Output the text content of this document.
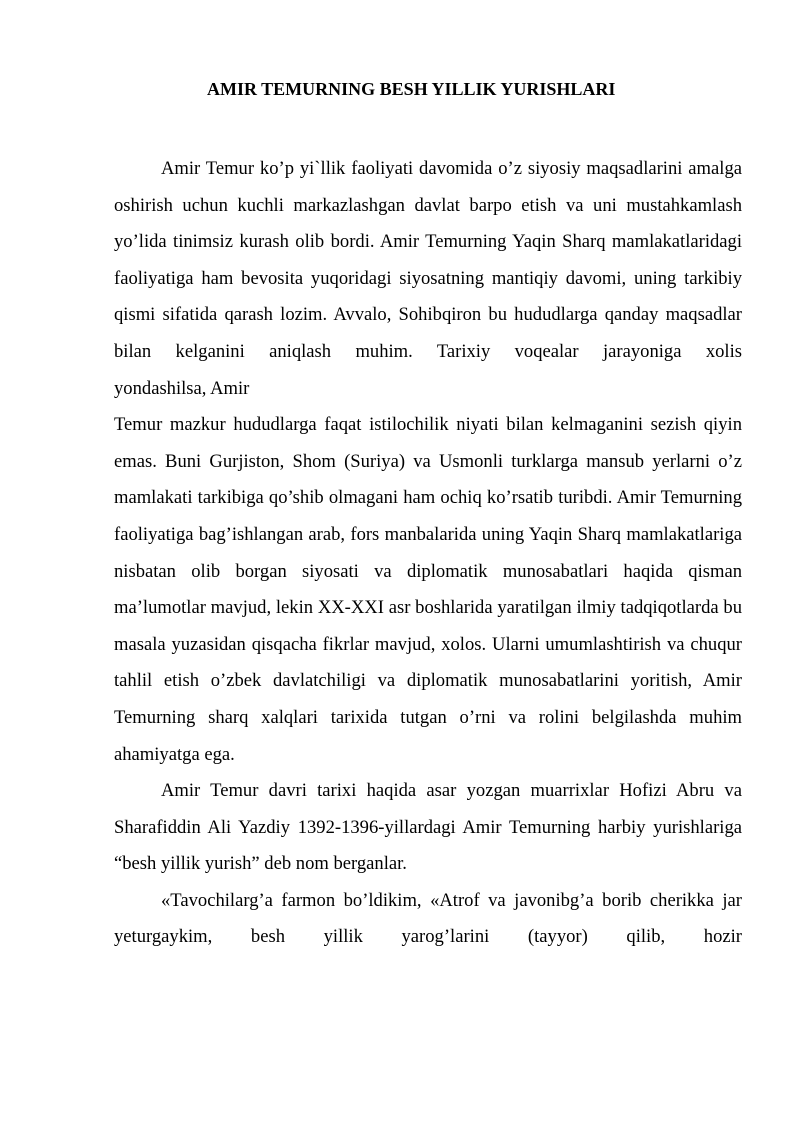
AMIR TEMURNING BESH YILLIK YURISHLARI

Amir Temur ko’p yi`llik faoliyati davomida o’z siyosiy maqsadlarini amalga oshirish uchun kuchli markazlashgan davlat barpo etish va uni mustahkamlash yo’lida tinimsiz kurash olib bordi. Amir Temurning Yaqin Sharq mamlakatlaridagi faoliyatiga ham bevosita yuqoridagi siyosatning mantiqiy davomi, uning tarkibiy qismi sifatida qarash lozim. Avvalo, Sohibqiron bu hududlarga qanday maqsadlar bilan kelganini aniqlash muhim. Tarixiy voqealar jarayoniga xolis

yondashilsa, Amir

Temur mazkur hududlarga faqat istilochilik niyati bilan kelmaganini sezish qiyin emas. Buni Gurjiston, Shom (Suriya) va Usmonli turklarga mansub yerlarni o’z mamlakati tarkibiga qo’shib olmagani ham ochiq ko’rsatib turibdi. Amir Temurning faoliyatiga bag’ishlangan arab, fors manbalarida uning Yaqin Sharq mamlakatlariga nisbatan olib borgan siyosati va diplomatik munosabatlari haqida qisman ma’lumotlar mavjud, lekin XX-XXI asr boshlarida yaratilgan ilmiy tadqiqotlarda bu masala yuzasidan qisqacha fikrlar mavjud, xolos. Ularni umumlashtirish va chuqur tahlil etish o’zbek davlatchiligi va diplomatik munosabatlarini yoritish, Amir Temurning sharq xalqlari tarixida tutgan o’rni va rolini belgilashda muhim ahamiyatga ega.

Amir Temur davri tarixi haqida asar yozgan muarrixlar Hofizi Abru va Sharafiddin Ali Yazdiy 1392-1396-yillardagi Amir Temurning harbiy yurishlariga “besh yillik yurish” deb nom berganlar.

«Tavochilarg’a farmon bo’ldikim, «Atrof va javonibg’a borib cherikka jar yeturgaykim, besh yillik yarog’larini (tayyor) qilib, hozir
